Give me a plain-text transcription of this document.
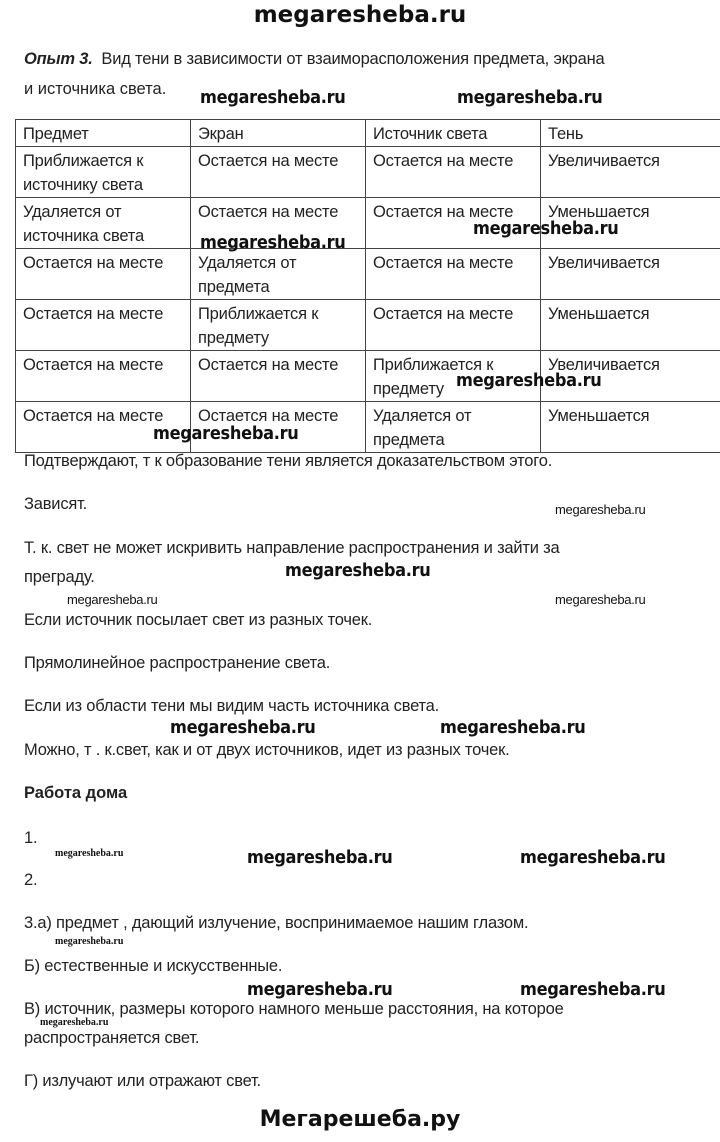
megaresheba.ru
Опыт 3. Вид тени в зависимости от взаиморасположения предмета, экрана
и источника света.
Предмет	Экран	Источник света	Тень
Приближается к источнику света	Остается на месте	Остается на месте	Увеличивается
Удаляется от источника света	Остается на месте	Остается на месте	Уменьшается
Остается на месте	Удаляется от предмета	Остается на месте	Увеличивается
Остается на месте	Приближается к предмету	Остается на месте	Уменьшается
Остается на месте	Остается на месте	Приближается к предмету	Увеличивается
Остается на месте	Остается на месте	Удаляется от предмета	Уменьшается
megaresheba.ru	megaresheba.ru
megaresheba.ru
megaresheba.ru
megaresheba.ru
megaresheba.ru
Подтверждают, т к образование тени является доказательством этого.
Зависят.	megaresheba.ru
Т. к. свет не может искривить направление распространения и зайти за
преграду.	megaresheba.ru
megaresheba.ru	megaresheba.ru
Если источник посылает свет из разных точек.
Прямолинейное распространение света.
Если из области тени мы видим часть источника света.
megaresheba.ru	megaresheba.ru
Можно, т . к.свет, как и от двух источников, идет из разных точек.
Работа дома
1.
megaresheba.ru	megaresheba.ru	megaresheba.ru
2.
3.а) предмет , дающий излучение, воспринимаемое нашим глазом.
megaresheba.ru
Б) естественные и искусственные.
megaresheba.ru	megaresheba.ru
В) источник, размеры которого намного меньше расстояния, на которое
megaresheba.ru
распространяется свет.
Г) излучают или отражают свет.
Мегарешеба.ру
